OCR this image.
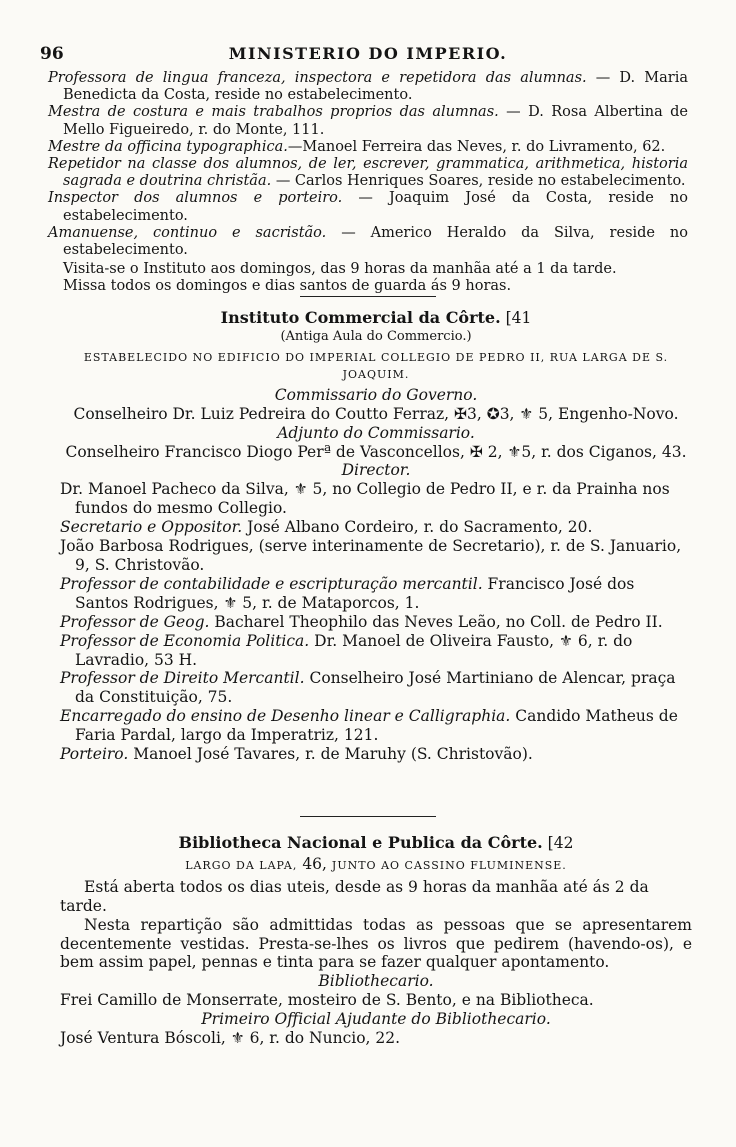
96	MINISTERIO DO IMPERIO.

Professora de lingua franceza, inspectora e repetidora das alumnas. — D. Maria Benedicta da Costa, reside no estabelecimento.

Mestra de costura e mais trabalhos proprios das alumnas. — D. Rosa Albertina de Mello Figueiredo, r. do Monte, 111.

Mestre da officina typographica.—Manoel Ferreira das Neves, r. do Livramento, 62.

Repetidor na classe dos alumnos, de ler, escrever, grammatica, arithmetica, historia sagrada e doutrina christãa. — Carlos Henriques Soares, reside no estabelecimento.

Inspector dos alumnos e porteiro. — Joaquim José da Costa, reside no estabelecimento.

Amanuense, continuo e sacristão. — Americo Heraldo da Silva, reside no estabelecimento.

Visita-se o Instituto aos domingos, das 9 horas da manhãa até a 1 da tarde.

Missa todos os domingos e dias santos de guarda ás 9 horas.

Instituto Commercial da Côrte. [41
(Antiga Aula do Commercio.)
ESTABELECIDO NO EDIFICIO DO IMPERIAL COLLEGIO DE PEDRO II, RUA LARGA DE S. JOAQUIM.
Commissario do Governo.
Conselheiro Dr. Luiz Pedreira do Coutto Ferraz, ✠3, ✪3, ⚜ 5, Engenho-Novo.
Adjunto do Commissario.
Conselheiro Francisco Diogo Perª de Vasconcellos, ✠ 2, ⚜5, r. dos Ciganos, 43.
Director.

Dr. Manoel Pacheco da Silva, ⚜ 5, no Collegio de Pedro II, e r. da Prainha nos fundos do mesmo Collegio.

Secretario e Oppositor. José Albano Cordeiro, r. do Sacramento, 20.

João Barbosa Rodrigues, (serve interinamente de Secretario), r. de S. Januario, 9, S. Christovão.

Professor de contabilidade e escripturação mercantil. Francisco José dos Santos Rodrigues, ⚜ 5, r. de Mataporcos, 1.

Professor de Geog. Bacharel Theophilo das Neves Leão, no Coll. de Pedro II.

Professor de Economia Politica. Dr. Manoel de Oliveira Fausto, ⚜ 6, r. do Lavradio, 53 H.

Professor de Direito Mercantil. Conselheiro José Martiniano de Alencar, praça da Constituição, 75.

Encarregado do ensino de Desenho linear e Calligraphia. Candido Matheus de Faria Pardal, largo da Imperatriz, 121.

Porteiro. Manoel José Tavares, r. de Maruhy (S. Christovão).

Bibliotheca Nacional e Publica da Côrte. [42
LARGO DA LAPA, 46, JUNTO AO CASSINO FLUMINENSE.

Está aberta todos os dias uteis, desde as 9 horas da manhãa até ás 2 da tarde.

Nesta repartição são admittidas todas as pessoas que se apresentarem decentemente vestidas. Presta-se-lhes os livros que pedirem (havendo-os), e bem assim papel, pennas e tinta para se fazer qualquer apontamento.

Bibliothecario.

Frei Camillo de Monserrate, mosteiro de S. Bento, e na Bibliotheca.

Primeiro Official Ajudante do Bibliothecario.

José Ventura Bóscoli, ⚜ 6, r. do Nuncio, 22.
